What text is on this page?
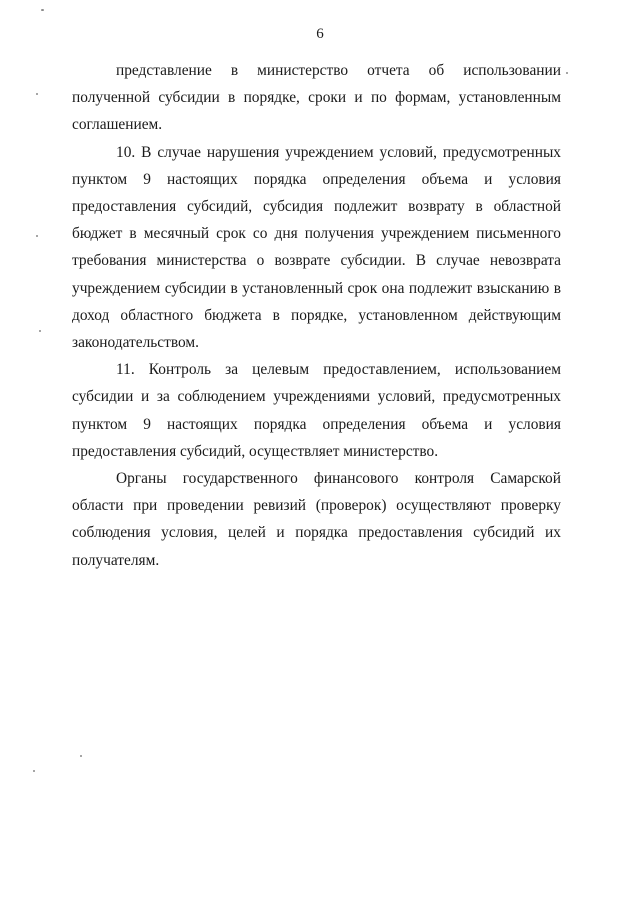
6

представление в министерство отчета об использовании полученной субсидии в порядке, сроки и по формам, установленным соглашением.

10. В случае нарушения учреждением условий, предусмотренных пунктом 9 настоящих порядка определения объема и условия предоставления субсидий, субсидия подлежит возврату в областной бюджет в месячный срок со дня получения учреждением письменного требования министерства о возврате субсидии. В случае невозврата учреждением субсидии в установленный срок она подлежит взысканию в доход областного бюджета в порядке, установленном действующим законодательством.

11. Контроль за целевым предоставлением, использованием субсидии и за соблюдением учреждениями условий, предусмотренных пунктом 9 настоящих порядка определения объема и условия предоставления субсидий, осуществляет министерство.

Органы государственного финансового контроля Самарской области при проведении ревизий (проверок) осуществляют проверку соблюдения условия, целей и порядка предоставления субсидий их получателям.
